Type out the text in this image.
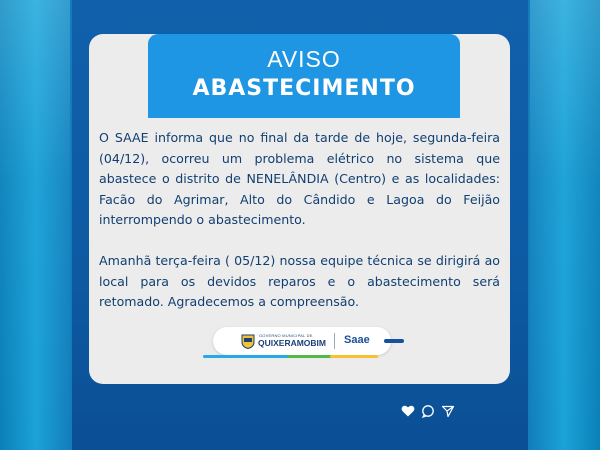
AVISO
ABASTECIMENTO

O SAAE informa que no final da tarde de hoje, segunda-feira (04/12), ocorreu um problema elétrico no sistema que abastece o distrito de NENELÂNDIA (Centro) e as localidades: Facão do Agrimar, Alto do Cândido e Lagoa do Feijão interrompendo o abastecimento.

Amanhã terça-feira ( 05/12) nossa equipe técnica se dirigirá ao local para os devidos reparos e o abastecimento será retomado. Agradecemos a compreensão.

GOVERNO MUNICIPAL DE
QUIXERAMOBIM Saae
